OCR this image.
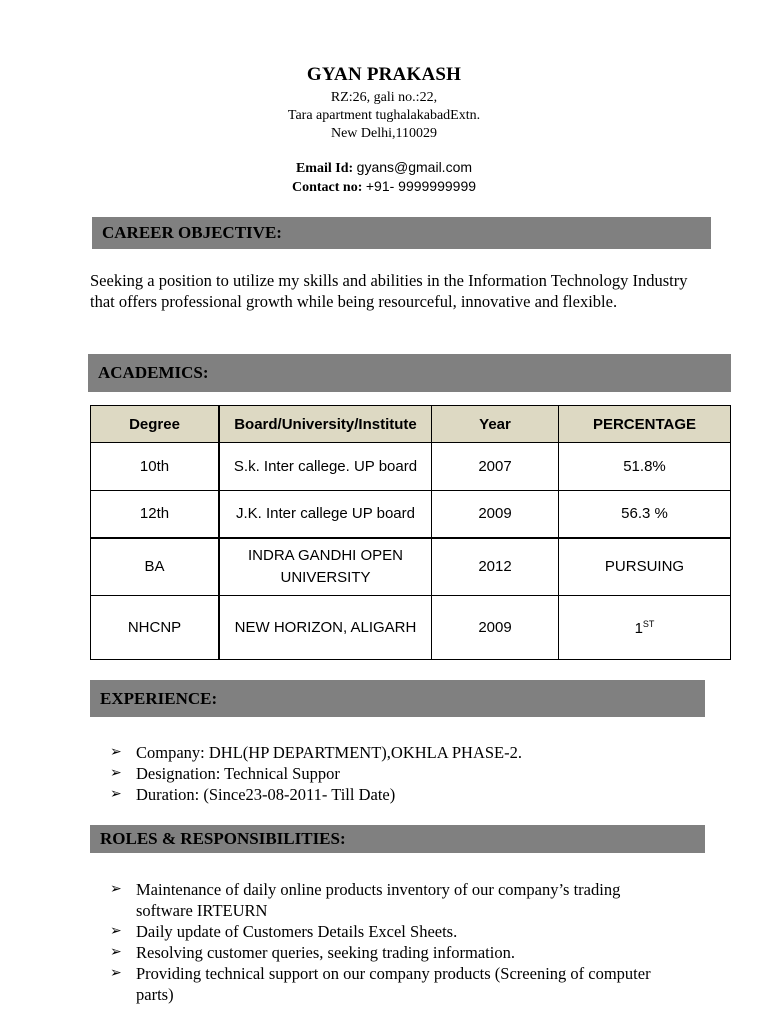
GYAN PRAKASH
RZ:26, gali no.:22,
Tara apartment tughalakabadExtn.
New Delhi,110029
Email Id: gyans@gmail.com
Contact no: +91- 9999999999
CAREER OBJECTIVE:
Seeking a position to utilize my skills and abilities in the Information Technology Industry that offers professional growth while being resourceful, innovative and flexible.
ACADEMICS:
Degree	Board/University/Institute	Year	PERCENTAGE
10th	S.k. Inter callege. UP board	2007	51.8%
12th	J.K. Inter callege UP board	2009	56.3 %
BA	INDRA GANDHI OPEN UNIVERSITY	2012	PURSUING
NHCNP	NEW HORIZON, ALIGARH	2009	1ST
EXPERIENCE:
➢ Company: DHL(HP DEPARTMENT),OKHLA PHASE-2.
➢ Designation: Technical Suppor
➢ Duration: (Since23-08-2011- Till Date)
ROLES & RESPONSIBILITIES:
➢ Maintenance of daily online products inventory of our company’s trading software IRTEURN
➢ Daily update of Customers Details Excel Sheets.
➢ Resolving customer queries, seeking trading information.
➢ Providing technical support on our company products (Screening of computer parts)
